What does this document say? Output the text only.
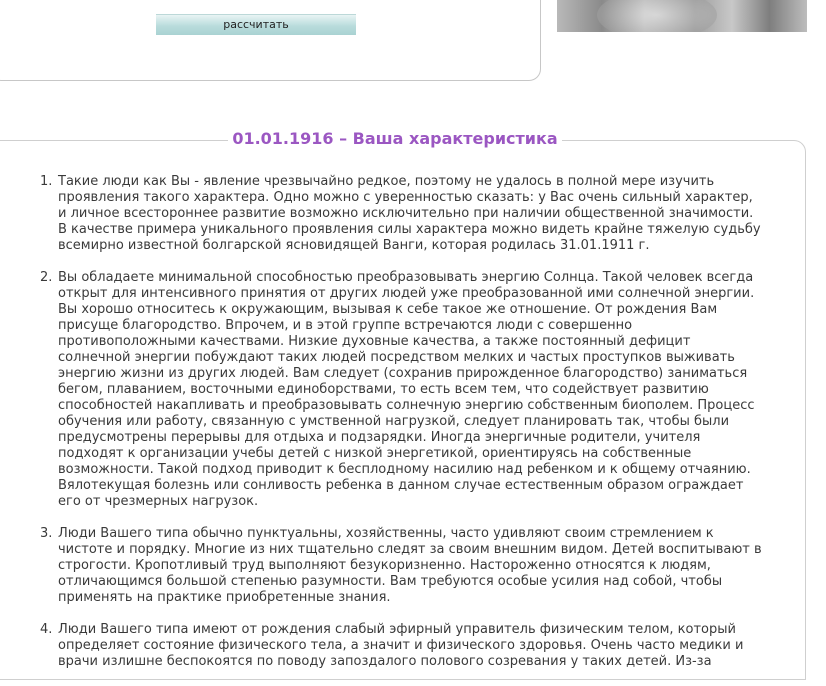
рассчитать
01.01.1916 – Ваша характеристика
1. Такие люди как Вы - явление чрезвычайно редкое, поэтому не удалось в полной мере изучить проявления такого характера. Одно можно с уверенностью сказать: у Вас очень сильный характер, и личное всестороннее развитие возможно исключительно при наличии общественной значимости. В качестве примера уникального проявления силы характера можно видеть крайне тяжелую судьбу всемирно известной болгарской ясновидящей Ванги, которая родилась 31.01.1911 г.
2. Вы обладаете минимальной способностью преобразовывать энергию Солнца. Такой человек всегда открыт для интенсивного принятия от других людей уже преобразованной ими солнечной энергии. Вы хорошо относитесь к окружающим, вызывая к себе такое же отношение. От рождения Вам присуще благородство. Впрочем, и в этой группе встречаются люди с совершенно противоположными качествами. Низкие духовные качества, а также постоянный дефицит солнечной энергии побуждают таких людей посредством мелких и частых проступков выживать энергию жизни из других людей. Вам следует (сохранив прирожденное благородство) заниматься бегом, плаванием, восточными единоборствами, то есть всем тем, что содействует развитию способностей накапливать и преобразовывать солнечную энергию собственным биополем. Процесс обучения или работу, связанную с умственной нагрузкой, следует планировать так, чтобы были предусмотрены перерывы для отдыха и подзарядки. Иногда энергичные родители, учителя подходят к организации учебы детей с низкой энергетикой, ориентируясь на собственные возможности. Такой подход приводит к бесплодному насилию над ребенком и к общему отчаянию. Вялотекущая болезнь или сонливость ребенка в данном случае естественным образом ограждает его от чрезмерных нагрузок.
3. Люди Вашего типа обычно пунктуальны, хозяйственны, часто удивляют своим стремлением к чистоте и порядку. Многие из них тщательно следят за своим внешним видом. Детей воспитывают в строгости. Кропотливый труд выполняют безукоризненно. Настороженно относятся к людям, отличающимся большой степенью разумности. Вам требуются особые усилия над собой, чтобы применять на практике приобретенные знания.
4. Люди Вашего типа имеют от рождения слабый эфирный управитель физическим телом, который определяет состояние физического тела, а значит и физического здоровья. Очень часто медики и врачи излишне беспокоятся по поводу запоздалого полового созревания у таких детей. Из-за
